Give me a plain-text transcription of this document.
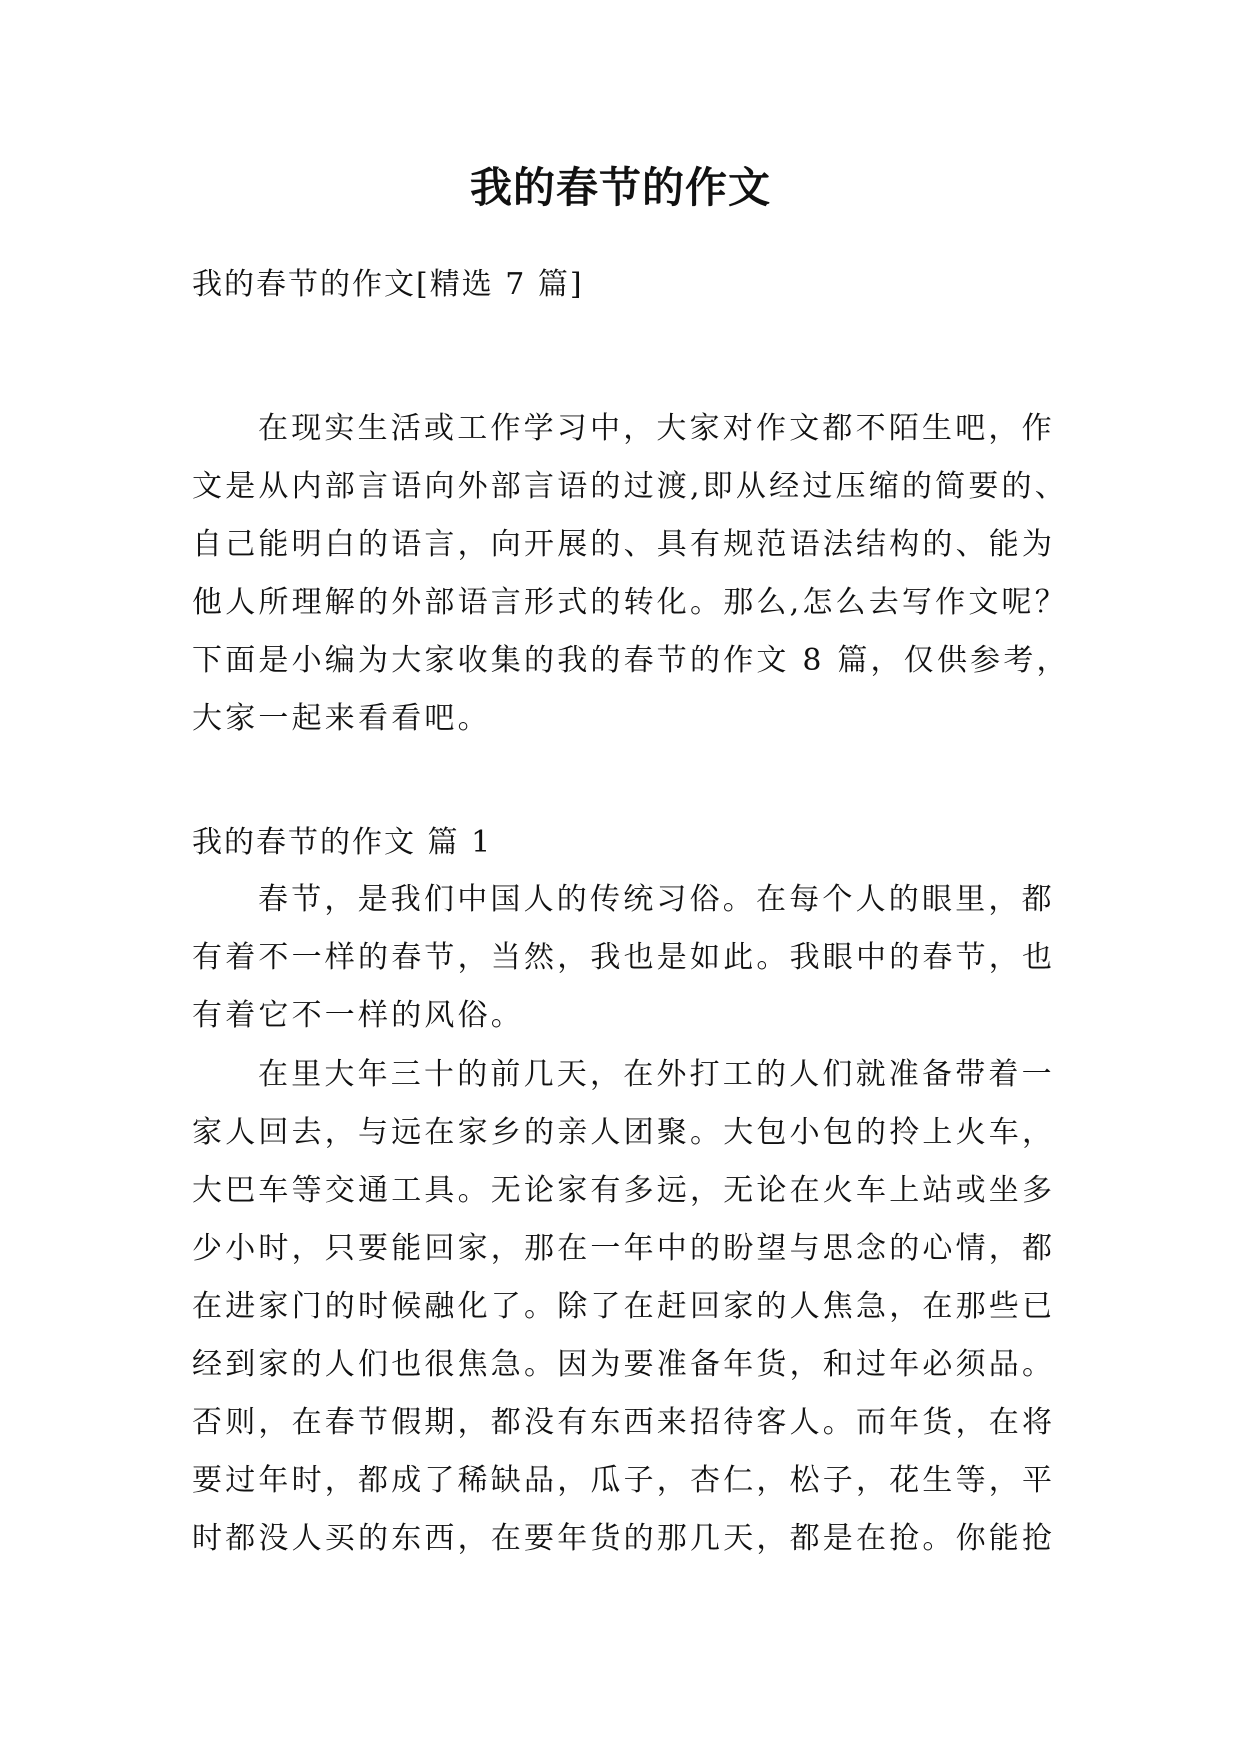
我的春节的作文

我的春节的作文[精选 7 篇]

在现实生活或工作学习中，大家对作文都不陌生吧，作
文是从内部言语向外部言语的过渡,即从经过压缩的简要的、
自己能明白的语言，向开展的、具有规范语法结构的、能为
他人所理解的外部语言形式的转化。那么,怎么去写作文呢？
下面是小编为大家收集的我的春节的作文 8 篇，仅供参考，
大家一起来看看吧。

我的春节的作文 篇 1

春节，是我们中国人的传统习俗。在每个人的眼里，都
有着不一样的春节，当然，我也是如此。我眼中的春节，也
有着它不一样的风俗。
在里大年三十的前几天，在外打工的人们就准备带着一
家人回去，与远在家乡的亲人团聚。大包小包的拎上火车，
大巴车等交通工具。无论家有多远，无论在火车上站或坐多
少小时，只要能回家，那在一年中的盼望与思念的心情，都
在进家门的时候融化了。除了在赶回家的人焦急，在那些已
经到家的人们也很焦急。因为要准备年货，和过年必须品。
否则，在春节假期，都没有东西来招待客人。而年货，在将
要过年时，都成了稀缺品，瓜子，杏仁，松子，花生等，平
时都没人买的东西，在要年货的那几天，都是在抢。你能抢
